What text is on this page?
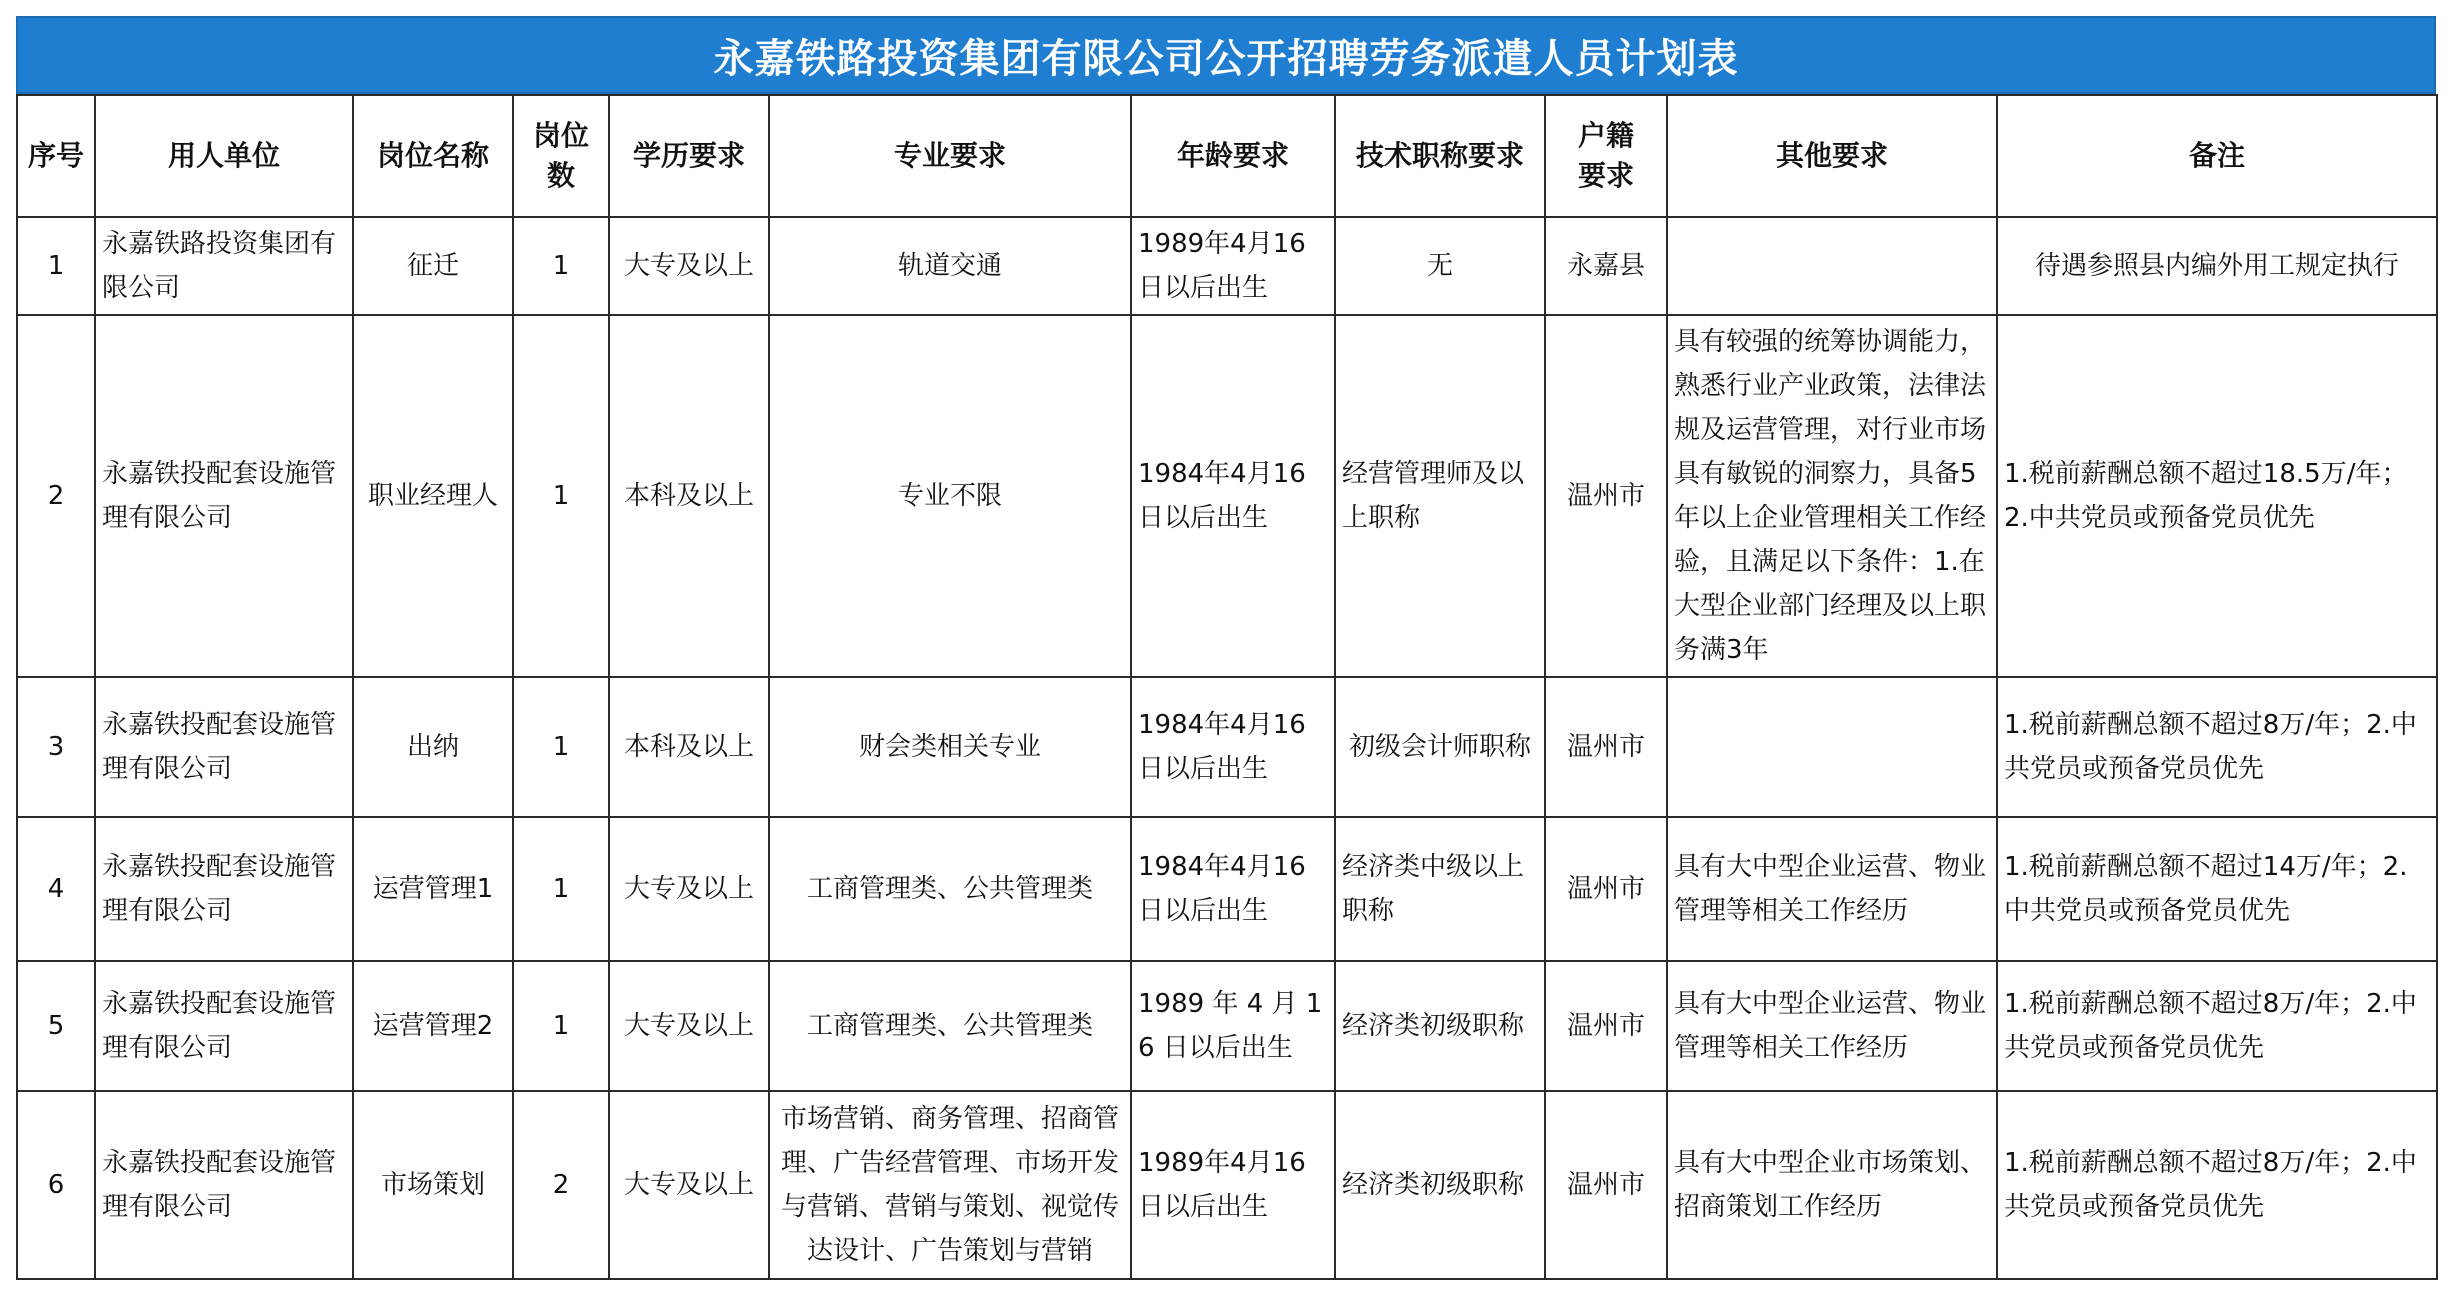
永嘉铁路投资集团有限公司公开招聘劳务派遣人员计划表
序号	用人单位	岗位名称	岗位数	学历要求	专业要求	年龄要求	技术职称要求	户籍要求	其他要求	备注
1	永嘉铁路投资集团有限公司	征迁	1	大专及以上	轨道交通	1989年4月16日以后出生	无	永嘉县		待遇参照县内编外用工规定执行
2	永嘉铁投配套设施管理有限公司	职业经理人	1	本科及以上	专业不限	1984年4月16日以后出生	经营管理师及以上职称	温州市	具有较强的统筹协调能力，熟悉行业产业政策，法律法规及运营管理，对行业市场具有敏锐的洞察力，具备5年以上企业管理相关工作经验，且满足以下条件：1.在大型企业部门经理及以上职务满3年	1.税前薪酬总额不超过18.5万/年；2.中共党员或预备党员优先
3	永嘉铁投配套设施管理有限公司	出纳	1	本科及以上	财会类相关专业	1984年4月16日以后出生	初级会计师职称	温州市		1.税前薪酬总额不超过8万/年；2.中共党员或预备党员优先
4	永嘉铁投配套设施管理有限公司	运营管理1	1	大专及以上	工商管理类、公共管理类	1984年4月16日以后出生	经济类中级以上职称	温州市	具有大中型企业运营、物业管理等相关工作经历	1.税前薪酬总额不超过14万/年；2.中共党员或预备党员优先
5	永嘉铁投配套设施管理有限公司	运营管理2	1	大专及以上	工商管理类、公共管理类	1989 年 4 月 16 日以后出生	经济类初级职称	温州市	具有大中型企业运营、物业管理等相关工作经历	1.税前薪酬总额不超过8万/年；2.中共党员或预备党员优先
6	永嘉铁投配套设施管理有限公司	市场策划	2	大专及以上	市场营销、商务管理、招商管理、广告经营管理、市场开发与营销、营销与策划、视觉传达设计、广告策划与营销	1989年4月16日以后出生	经济类初级职称	温州市	具有大中型企业市场策划、招商策划工作经历	1.税前薪酬总额不超过8万/年；2.中共党员或预备党员优先
